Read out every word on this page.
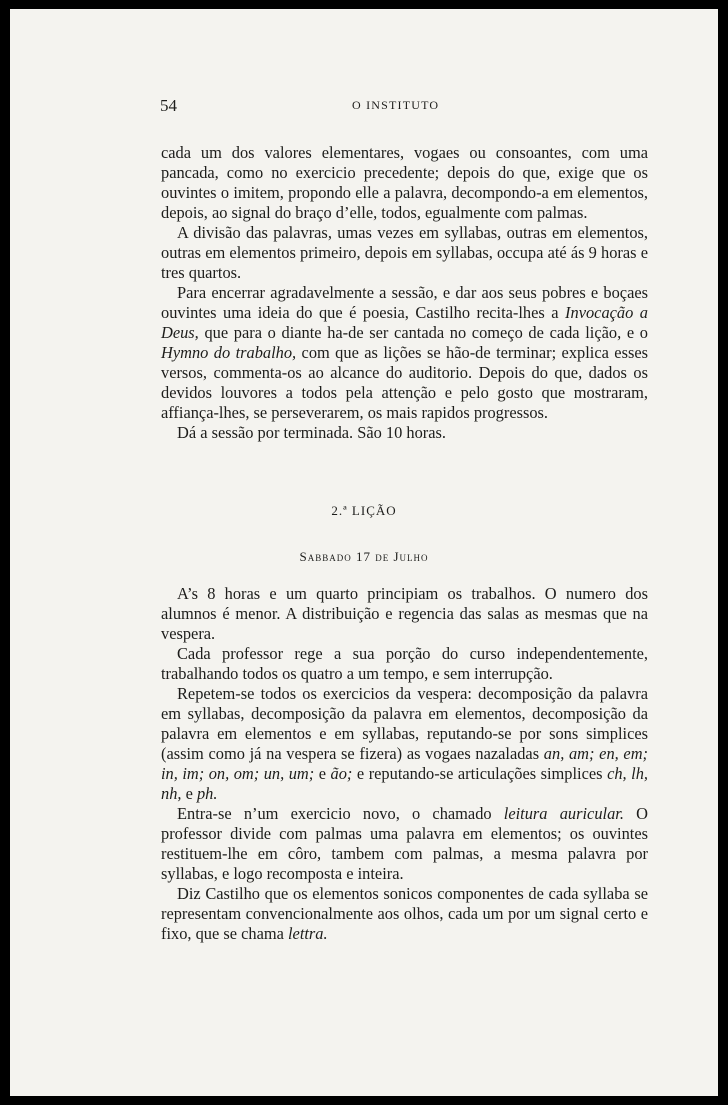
54	O INSTITUTO

cada um dos valores elementares, vogaes ou consoantes, com uma pancada, como no exercicio precedente; depois do que, exige que os ouvintes o imitem, propondo elle a palavra, decompondo-a em elementos, depois, ao signal do braço d’elle, todos, egualmente com palmas.

A divisão das palavras, umas vezes em syllabas, outras em elementos, outras em elementos primeiro, depois em syllabas, occupa até ás 9 horas e tres quartos.

Para encerrar agradavelmente a sessão, e dar aos seus pobres e boçaes ouvintes uma ideia do que é poesia, Castilho recita-lhes a Invocação a Deus, que para o diante ha-de ser cantada no começo de cada lição, e o Hymno do trabalho, com que as lições se hão-de terminar; explica esses versos, commenta-os ao alcance do auditorio. Depois do que, dados os devidos louvores a todos pela attenção e pelo gosto que mostraram, affiança-lhes, se perseverarem, os mais rapidos progressos.

Dá a sessão por terminada. São 10 horas.

2.ª LIÇÃO
Sabbado 17 de Julho

A’s 8 horas e um quarto principiam os trabalhos. O numero dos alumnos é menor. A distribuição e regencia das salas as mesmas que na vespera.

Cada professor rege a sua porção do curso independentemente, trabalhando todos os quatro a um tempo, e sem interrupção.

Repetem-se todos os exercicios da vespera: decomposição da palavra em syllabas, decomposição da palavra em elementos, decomposição da palavra em elementos e em syllabas, reputando-se por sons simplices (assim como já na vespera se fizera) as vogaes nazaladas an, am; en, em; in, im; on, om; un, um; e ão; e reputando-se articulações simplices ch, lh, nh, e ph.

Entra-se n’um exercicio novo, o chamado leitura auricular. O professor divide com palmas uma palavra em elementos; os ouvintes restituem-lhe em côro, tambem com palmas, a mesma palavra por syllabas, e logo recomposta e inteira.

Diz Castilho que os elementos sonicos componentes de cada syllaba se representam convencionalmente aos olhos, cada um por um signal certo e fixo, que se chama lettra.
